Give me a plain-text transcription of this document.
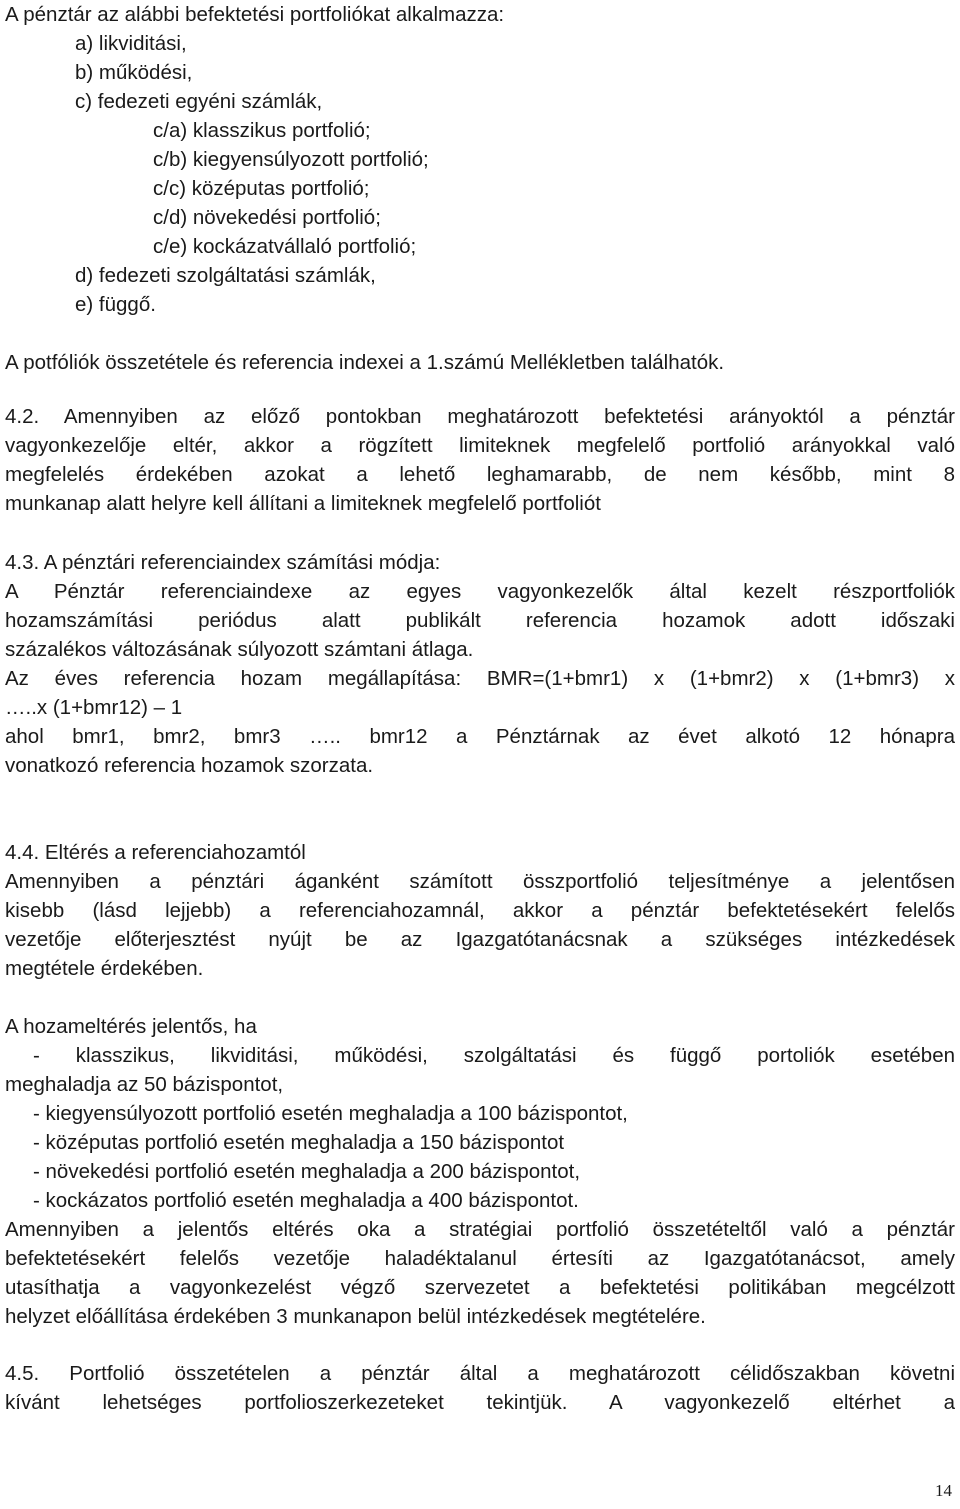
A pénztár az alábbi befektetési portfoliókat alkalmazza:
a) likviditási,
b) működési,
c) fedezeti egyéni számlák,
c/a) klasszikus portfolió;
c/b) kiegyensúlyozott portfolió;
c/c) középutas portfolió;
c/d) növekedési portfolió;
c/e) kockázatvállaló portfolió;
d) fedezeti szolgáltatási számlák,
e) függő.
A potfóliók összetétele és referencia indexei a 1.számú Mellékletben találhatók.
4.2. Amennyiben az előző pontokban meghatározott befektetési arányoktól a pénztár
vagyonkezelője eltér, akkor a rögzített limiteknek megfelelő portfolió arányokkal való
megfelelés érdekében azokat a lehető leghamarabb, de nem később, mint 8
munkanap alatt helyre kell állítani a limiteknek megfelelő portfoliót
4.3. A pénztári referenciaindex számítási módja:
A Pénztár referenciaindexe az egyes vagyonkezelők által kezelt részportfoliók
hozamszámítási periódus alatt publikált referencia hozamok adott időszaki
százalékos változásának súlyozott számtani átlaga.
Az éves referencia hozam megállapítása: BMR=(1+bmr1) x (1+bmr2) x (1+bmr3) x
…..x (1+bmr12) – 1
ahol bmr1, bmr2, bmr3 ….. bmr12 a Pénztárnak az évet alkotó 12 hónapra
vonatkozó referencia hozamok szorzata.
4.4. Eltérés a referenciahozamtól
Amennyiben a pénztári áganként számított összportfolió teljesítménye a jelentősen
kisebb (lásd lejjebb) a referenciahozamnál, akkor a pénztár befektetésekért felelős
vezetője előterjesztést nyújt be az Igazgatótanácsnak a szükséges intézkedések
megtétele érdekében.
A hozameltérés jelentős, ha
- klasszikus, likviditási, működési, szolgáltatási és függő portoliók esetében
meghaladja az 50 bázispontot,
- kiegyensúlyozott portfolió esetén meghaladja a 100 bázispontot,
- középutas portfolió esetén meghaladja a 150 bázispontot
- növekedési portfolió esetén meghaladja a 200 bázispontot,
- kockázatos portfolió esetén meghaladja a 400 bázispontot.
Amennyiben a jelentős eltérés oka a stratégiai portfolió összetételtől való a pénztár
befektetésekért felelős vezetője haladéktalanul értesíti az Igazgatótanácsot, amely
utasíthatja a vagyonkezelést végző szervezetet a befektetési politikában megcélzott
helyzet előállítása érdekében 3 munkanapon belül intézkedések megtételére.
4.5. Portfolió összetételen a pénztár által a meghatározott célidőszakban követni
kívánt lehetséges portfolioszerkezeteket tekintjük. A vagyonkezelő eltérhet a
14
